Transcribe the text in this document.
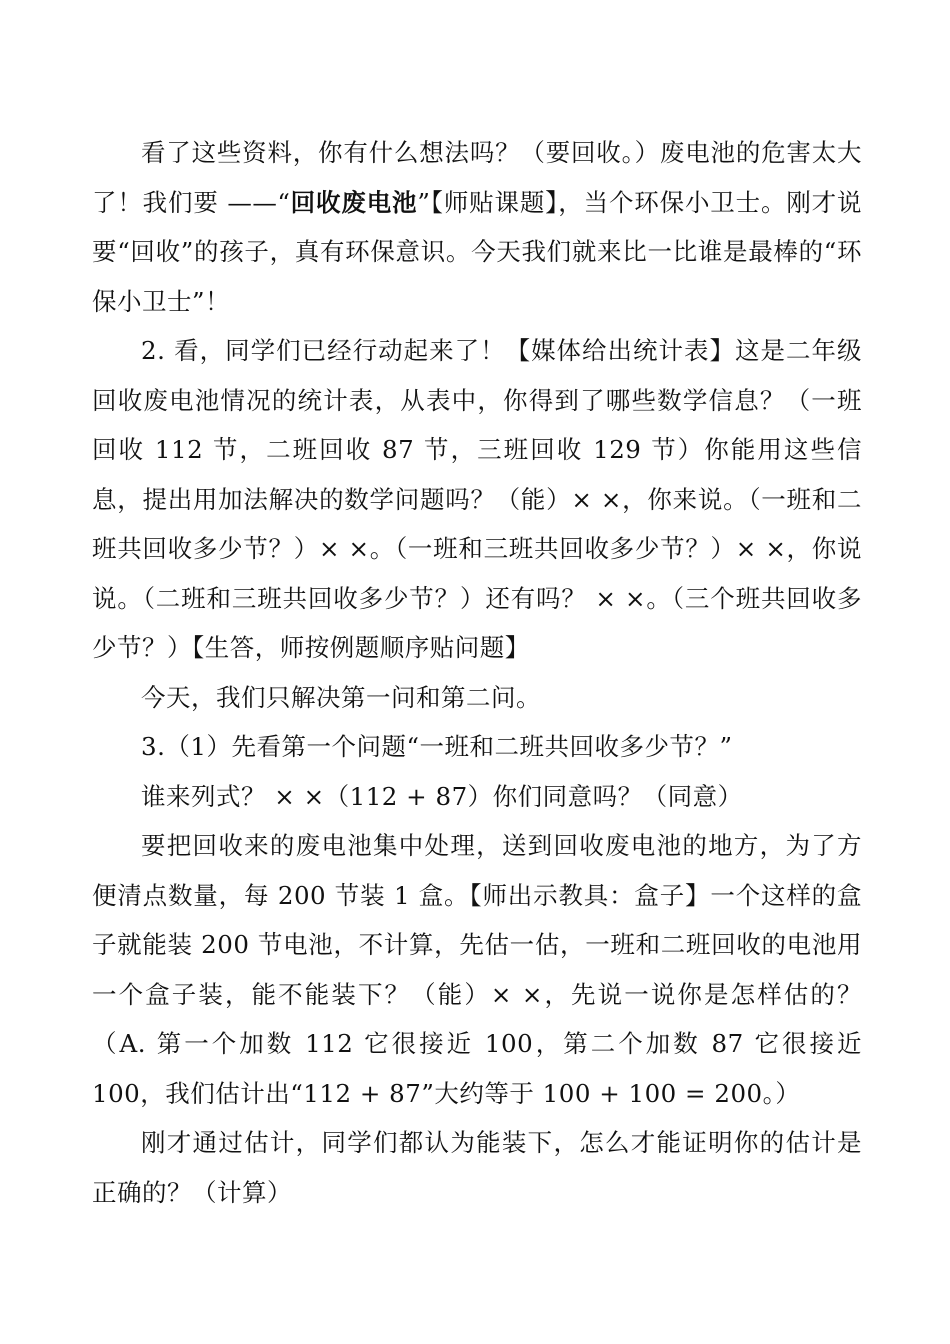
看了这些资料，你有什么想法吗？（要回收。）废电池的危害太大了！我们要 ——“回收废电池”【师贴课题】，当个环保小卫士。刚才说要“回收”的孩子，真有环保意识。今天我们就来比一比谁是最棒的“环保小卫士”！

2. 看，同学们已经行动起来了！【媒体给出统计表】这是二年级回收废电池情况的统计表，从表中，你得到了哪些数学信息？（一班回收 112 节，二班回收 87 节，三班回收 129 节）你能用这些信息，提出用加法解决的数学问题吗？（能）× ×，你来说。（一班和二班共回收多少节？）× ×。（一班和三班共回收多少节？）× ×，你说说。（二班和三班共回收多少节？）还有吗？ × ×。（三个班共回收多少节？）【生答，师按例题顺序贴问题】

今天，我们只解决第一问和第二问。

3.（1）先看第一个问题“一班和二班共回收多少节？”

谁来列式？ × ×（112 + 87）你们同意吗？（同意）

要把回收来的废电池集中处理，送到回收废电池的地方，为了方便清点数量，每 200 节装 1 盒。【师出示教具：盒子】一个这样的盒子就能装 200 节电池，不计算，先估一估，一班和二班回收的电池用一个盒子装，能不能装下？（能）× ×，先说一说你是怎样估的？（A. 第一个加数 112 它很接近 100，第二个加数 87 它很接近 100，我们估计出“112 + 87”大约等于 100 + 100 = 200。）

刚才通过估计，同学们都认为能装下，怎么才能证明你的估计是正确的？（计算）
